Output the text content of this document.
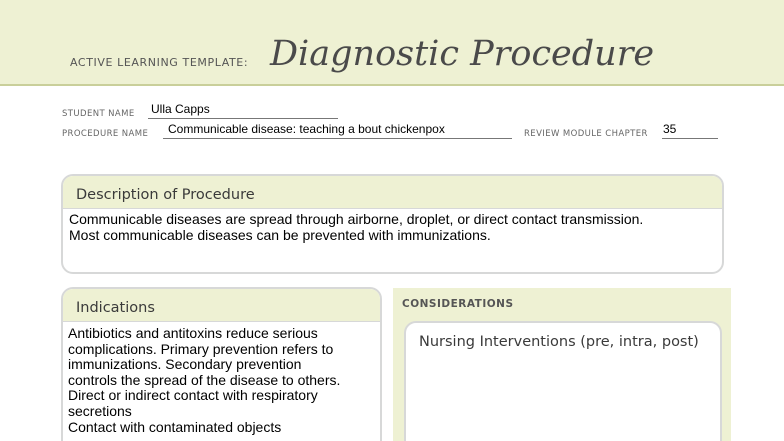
ACTIVE LEARNING TEMPLATE: Diagnostic Procedure
STUDENT NAME Ulla Capps
PROCEDURE NAME Communicable disease: teaching a bout chickenpox	REVIEW MODULE CHAPTER 35
Description of Procedure
Communicable diseases are spread through airborne, droplet, or direct contact transmission.
Most communicable diseases can be prevented with immunizations.
Indications
Antibiotics and antitoxins reduce serious
complications. Primary prevention refers to
immunizations. Secondary prevention
controls the spread of the disease to others.
Direct or indirect contact with respiratory
secretions
Contact with contaminated objects
CONSIDERATIONS
Nursing Interventions (pre, intra, post)
